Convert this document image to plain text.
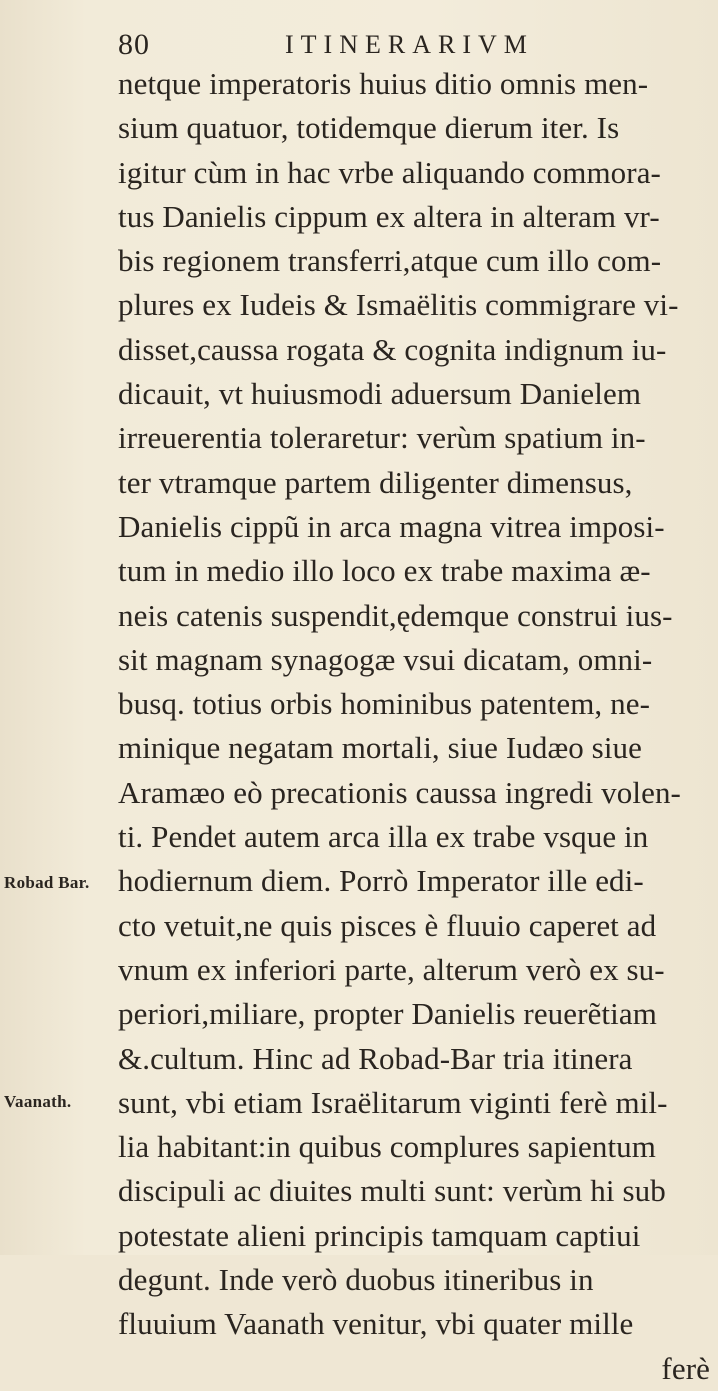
80	ITINERARIVM
netque imperatoris huius ditio omnis men-
sium quatuor, totidemque dierum iter. Is
igitur cùm in hac vrbe aliquando commora-
tus Danielis cippum ex altera in alteram vr-
bis regionem transferri,atque cum illo com-
plures ex Iudeis & Ismaëlitis commigrare vi-
disset,caussa rogata & cognita indignum iu-
dicauit, vt huiusmodi aduersum Danielem
irreuerentia toleraretur: verùm spatium in-
ter vtramque partem diligenter dimensus,
Danielis cippũ in arca magna vitrea imposi-
tum in medio illo loco ex trabe maxima æ-
neis catenis suspendit,ędemque construi ius-
sit magnam synagogæ vsui dicatam, omni-
busq. totius orbis hominibus patentem, ne-
minique negatam mortali, siue Iudæo siue
Aramæo eò precationis caussa ingredi volen-
ti. Pendet autem arca illa ex trabe vsque in
hodiernum diem. Porrò Imperator ille edi-
cto vetuit,ne quis pisces è fluuio caperet ad
vnum ex inferiori parte, alterum verò ex su-
periori,miliare, propter Danielis reuerẽtiam
&.cultum. Hinc ad Robad-Bar tria itinera
sunt, vbi etiam Israëlitarum viginti ferè mil-
lia habitant:in quibus complures sapientum
discipuli ac diuites multi sunt: verùm hi sub
potestate alieni principis tamquam captiui
degunt. Inde verò duobus itineribus in
fluuium Vaanath venitur, vbi quater mille
ferè
Robad Bar.
Vaanath.
